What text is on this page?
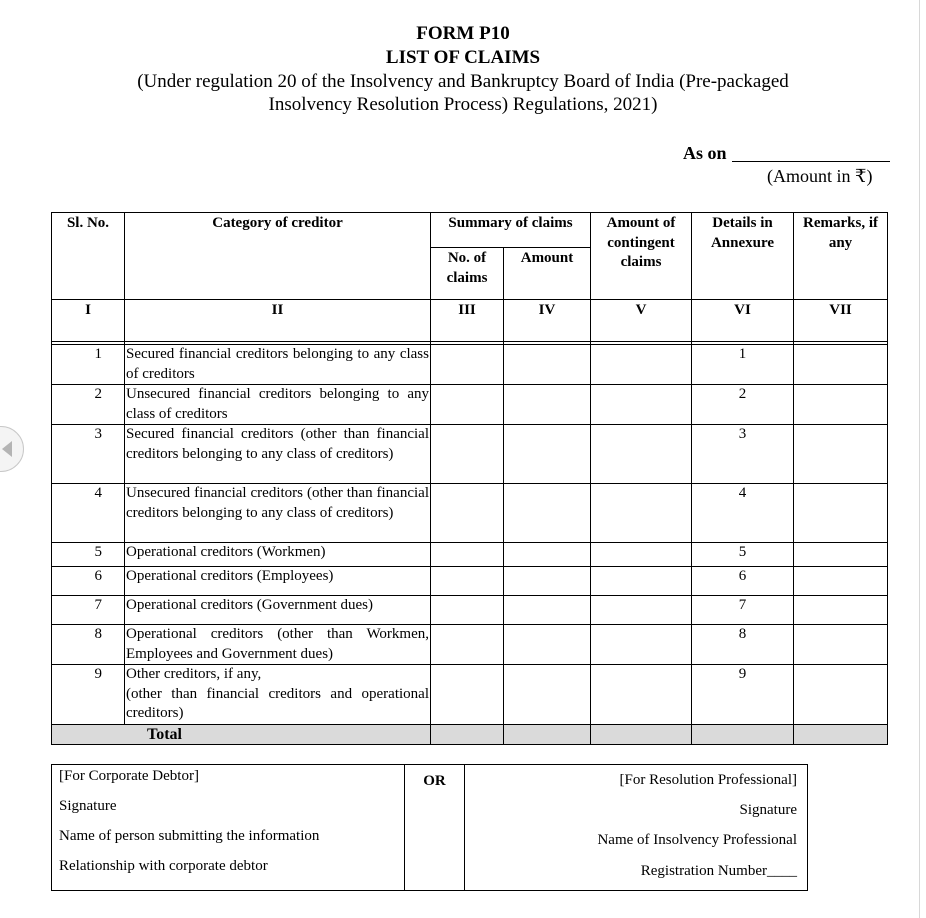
FORM P10
LIST OF CLAIMS
(Under regulation 20 of the Insolvency and Bankruptcy Board of India (Pre-packaged
Insolvency Resolution Process) Regulations, 2021)
As on
(Amount in ₹)
Sl. No.	Category of creditor	Summary of claims		Amount of contingent claims	Details in Annexure	Remarks, if any
		No. of claims	Amount			
I	II	III	IV	V	VI	VII

1	Secured financial creditors belonging to any class of creditors				1	
2	Unsecured financial creditors belonging to any class of creditors				2	
3	Secured financial creditors (other than financial creditors belonging to any class of creditors)				3	
4	Unsecured financial creditors (other than financial creditors belonging to any class of creditors)				4	
5	Operational creditors (Workmen)				5	
6	Operational creditors (Employees)				6	
7	Operational creditors (Government dues)				7	
8	Operational creditors (other than Workmen, Employees and Government dues)				8	
9	Other creditors, if any,
(other than financial creditors and operational creditors)				9	

Total						

[For Corporate Debtor]
Signature
Name of person submitting the information
Relationship with corporate debtor

OR	[For Resolution Professional]
Signature
Name of Insolvency Professional
Registration Number____
